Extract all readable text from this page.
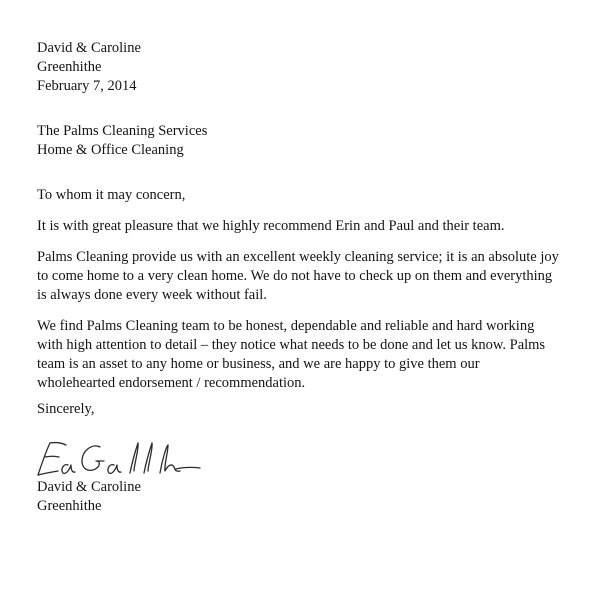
David & Caroline
Greenhithe
February 7, 2014
The Palms Cleaning Services
Home & Office Cleaning
To whom it may concern,
It is with great pleasure that we highly recommend Erin and Paul and their team.
Palms Cleaning provide us with an excellent weekly cleaning service; it is an absolute joy
to come home to a very clean home. We do not have to check up on them and everything
is always done every week without fail.
We find Palms Cleaning team to be honest, dependable and reliable and hard working
with high attention to detail – they notice what needs to be done and let us know. Palms
team is an asset to any home or business, and we are happy to give them our
wholehearted endorsement / recommendation.
Sincerely,
David & Caroline
Greenhithe
